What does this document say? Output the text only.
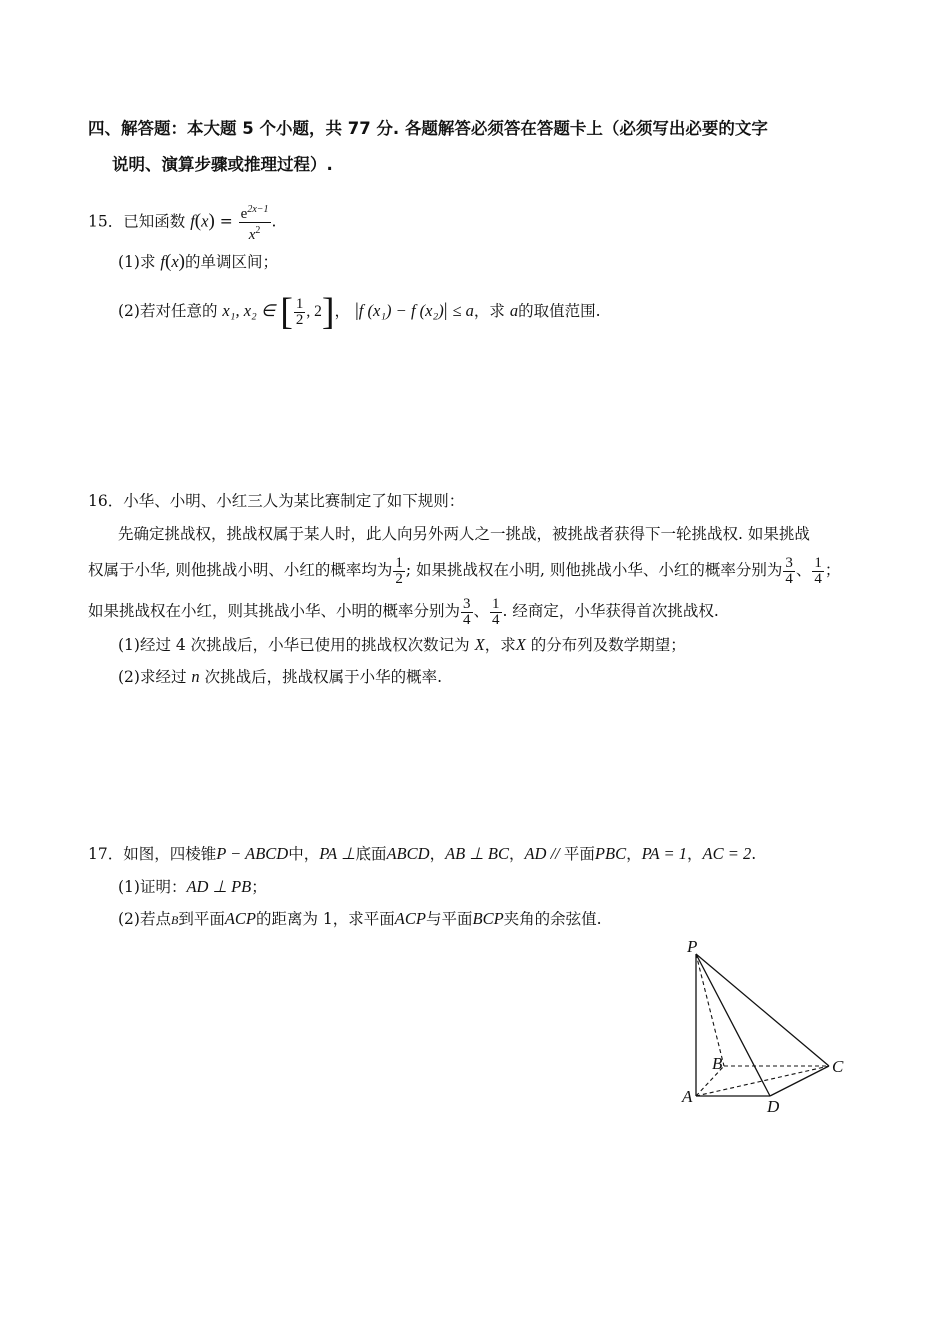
四、解答题：本大题 5 个小题，共 77 分. 各题解答必须答在答题卡上（必须写出必要的文字
说明、演算步骤或推理过程）.
15．已知函数 $f(x) = \frac{e^{2x-1}}{x^2}$ .
(1)求 f(x)的单调区间；
(2)若对任意的 x₁, x₂ ∈ [ $\frac{1}{2}$ , 2]， |f (x₁) − f (x₂)| ≤ a，求 a的取值范围.
16．小华、小明、小红三人为某比赛制定了如下规则：
先确定挑战权，挑战权属于某人时，此人向另外两人之一挑战，被挑战者获得下一轮挑战权. 如果挑战
权属于小华, 则他挑战小明、小红的概率均为 $\frac{1}{2}$ ; 如果挑战权在小明, 则他挑战小华、小红的概率分别为 $\frac{3}{4}$ 、 $\frac{1}{4}$ ；
如果挑战权在小红，则其挑战小华、小明的概率分别为 $\frac{3}{4}$ 、 $\frac{1}{4}$ . 经商定，小华获得首次挑战权.
(1)经过 4 次挑战后，小华已使用的挑战权次数记为 X，求X 的分布列及数学期望；
(2)求经过 n 次挑战后，挑战权属于小华的概率.
17．如图，四棱锥P − ABCD中，PA ⊥底面ABCD，AB ⊥ BC，AD // 平面PBC，PA = 1，AC = 2.
(1)证明：AD ⊥ PB；
(2)若点B到平面ACP的距离为 1，求平面ACP与平面BCP夹角的余弦值.
P
B	C
A
D
